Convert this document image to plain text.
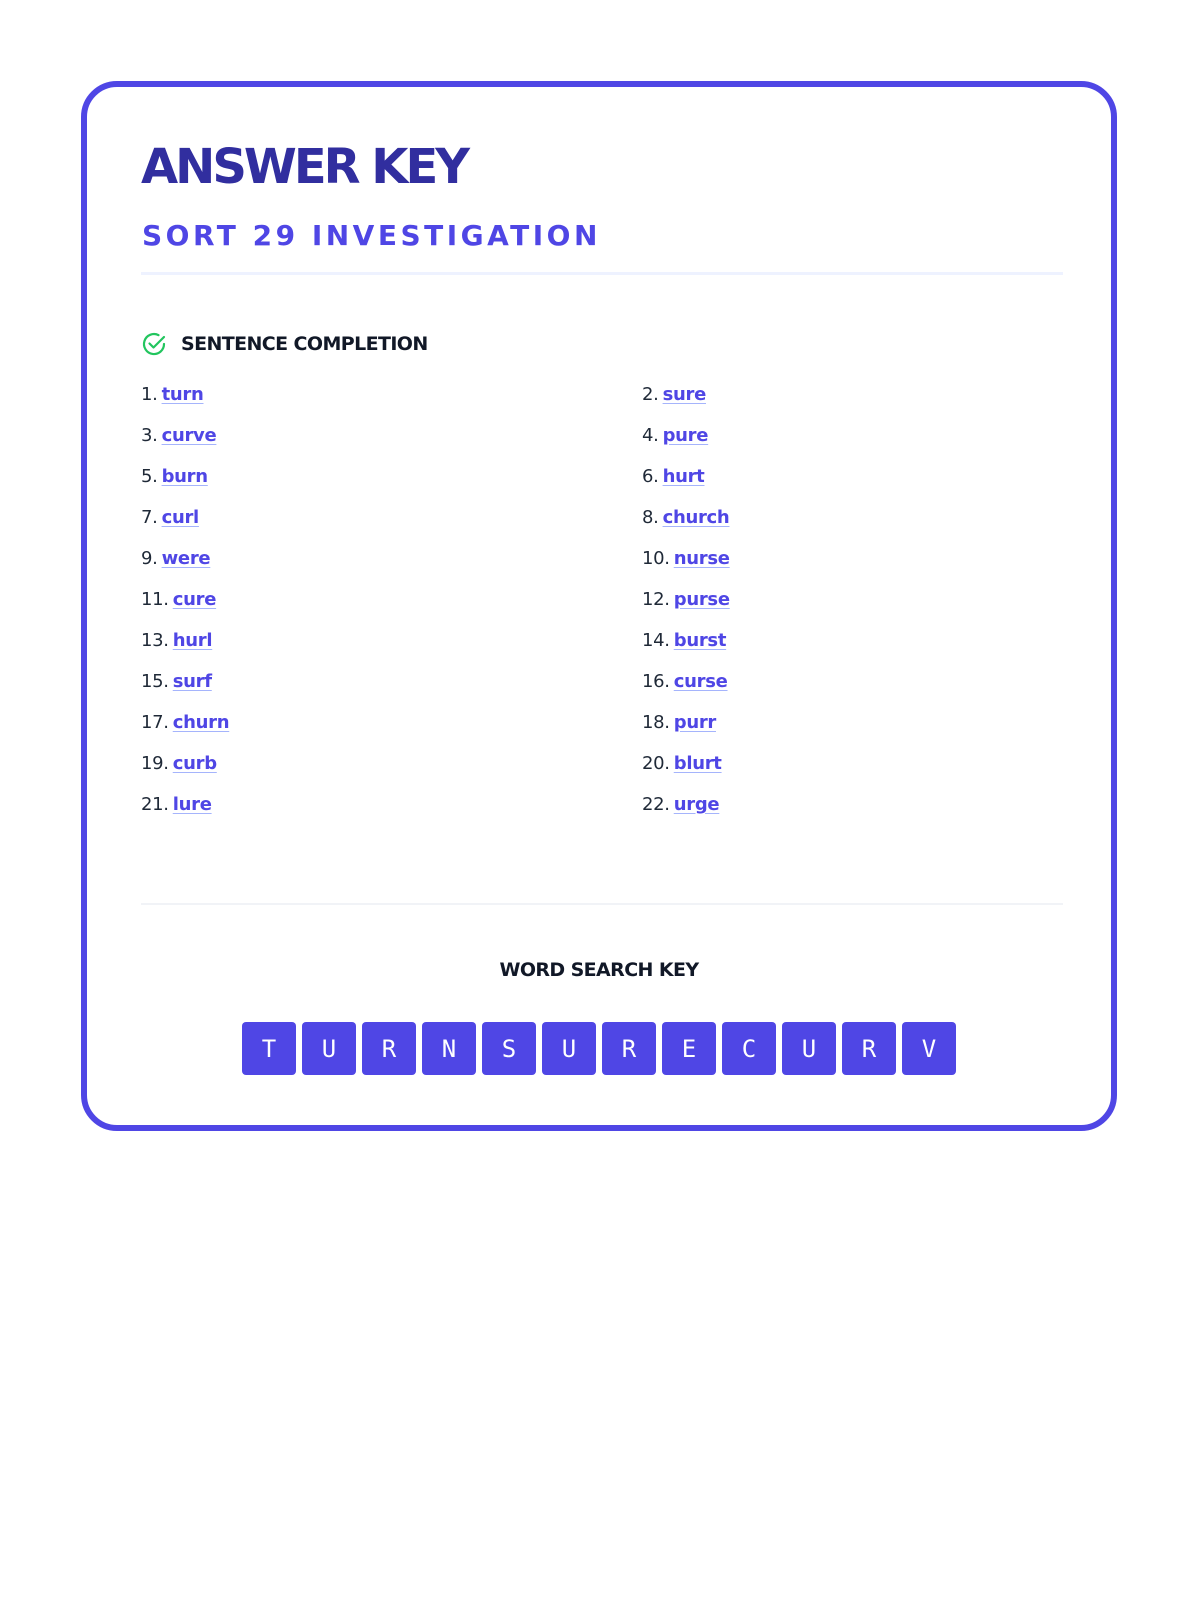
ANSWER KEY
SORT 29 INVESTIGATION
SENTENCE COMPLETION
1. turn	2. sure
3. curve	4. pure
5. burn	6. hurt
7. curl	8. church
9. were	10. nurse
11. cure	12. purse
13. hurl	14. burst
15. surf	16. curse
17. churn	18. purr
19. curb	20. blurt
21. lure	22. urge
WORD SEARCH KEY
T	U	R	N	S	U	R	E	C	U	R	V
